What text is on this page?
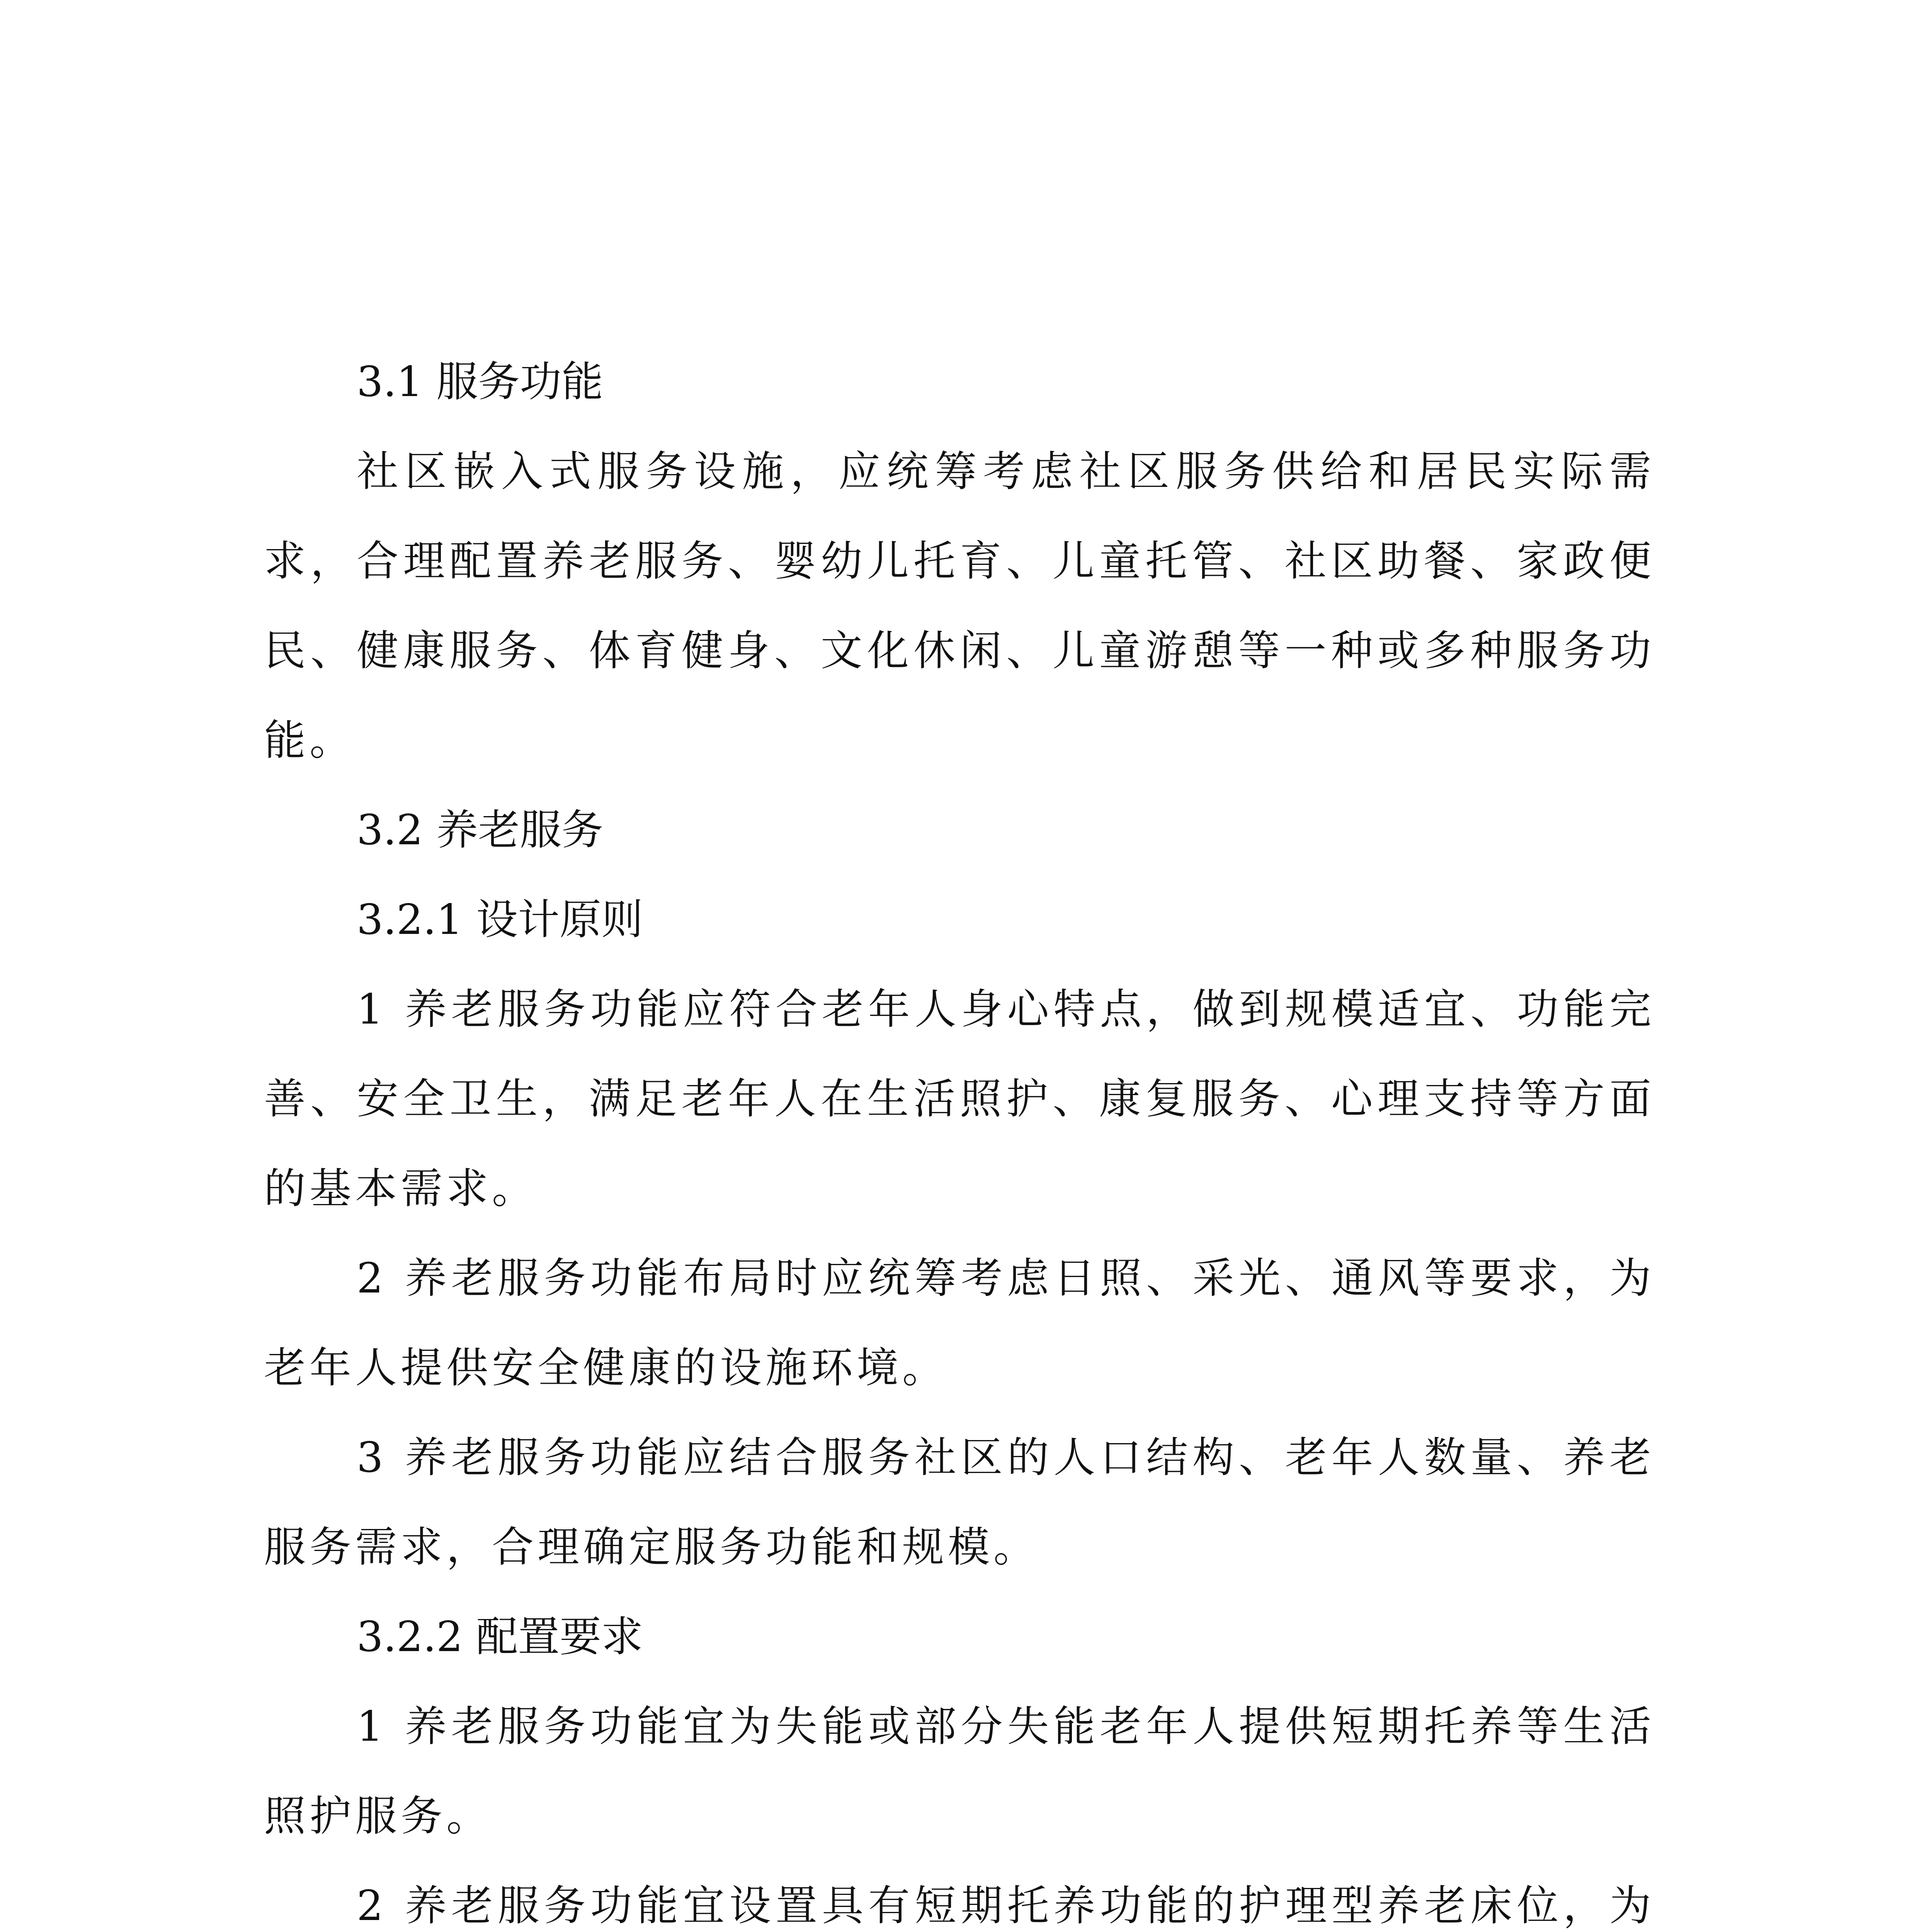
3.1 服务功能

社区嵌入式服务设施，应统筹考虑社区服务供给和居民实际需求，合理配置养老服务、婴幼儿托育、儿童托管、社区助餐、家政便民、健康服务、体育健身、文化休闲、儿童游憩等一种或多种服务功能。

3.2 养老服务

3.2.1 设计原则

1 养老服务功能应符合老年人身心特点，做到规模适宜、功能完善、安全卫生，满足老年人在生活照护、康复服务、心理支持等方面的基本需求。

2 养老服务功能布局时应统筹考虑日照、采光、通风等要求，为老年人提供安全健康的设施环境。

3 养老服务功能应结合服务社区的人口结构、老年人数量、养老服务需求，合理确定服务功能和规模。

3.2.2 配置要求

1 养老服务功能宜为失能或部分失能老年人提供短期托养等生活照护服务。

2 养老服务功能宜设置具有短期托养功能的护理型养老床位，为
